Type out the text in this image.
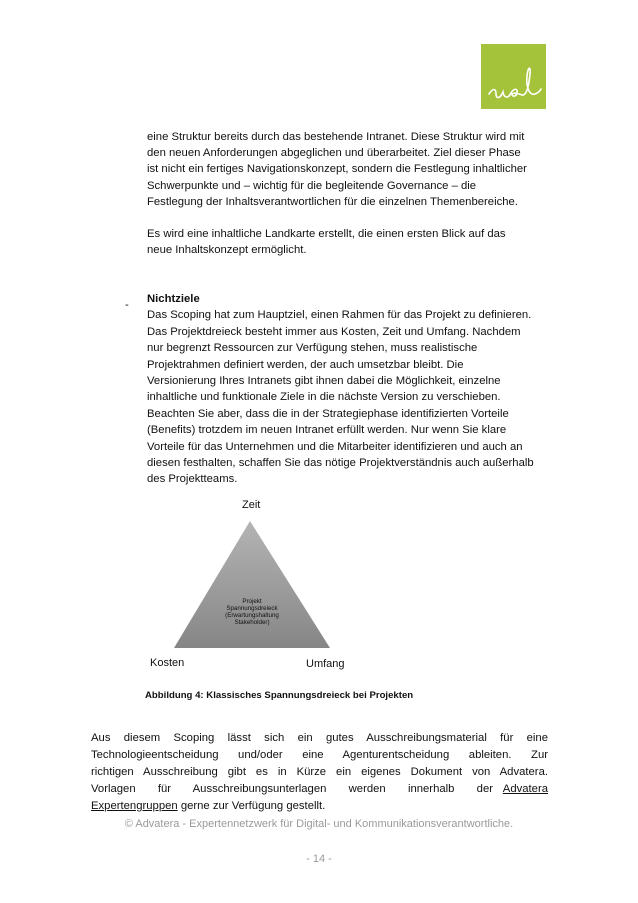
eine Struktur bereits durch das bestehende Intranet. Diese Struktur wird mit
den neuen Anforderungen abgeglichen und überarbeitet. Ziel dieser Phase
ist nicht ein fertiges Navigationskonzept, sondern die Festlegung inhaltlicher
Schwerpunkte und – wichtig für die begleitende Governance – die
Festlegung der Inhaltsverantwortlichen für die einzelnen Themenbereiche.
Es wird eine inhaltliche Landkarte erstellt, die einen ersten Blick auf das
neue Inhaltskonzept ermöglicht.
- Nichtziele
Das Scoping hat zum Hauptziel, einen Rahmen für das Projekt zu definieren.
Das Projektdreieck besteht immer aus Kosten, Zeit und Umfang. Nachdem
nur begrenzt Ressourcen zur Verfügung stehen, muss realistische
Projektrahmen definiert werden, der auch umsetzbar bleibt. Die
Versionierung Ihres Intranets gibt ihnen dabei die Möglichkeit, einzelne
inhaltliche und funktionale Ziele in die nächste Version zu verschieben.
Beachten Sie aber, dass die in der Strategiephase identifizierten Vorteile
(Benefits) trotzdem im neuen Intranet erfüllt werden. Nur wenn Sie klare
Vorteile für das Unternehmen und die Mitarbeiter identifizieren und auch an
diesen festhalten, schaffen Sie das nötige Projektverständnis auch außerhalb
des Projektteams.
Zeit
Projekt
Spannungsdreieck
(Erwartungshaltung
Stakeholder)
Kosten	Umfang
Abbildung 4: Klassisches Spannungsdreieck bei Projekten
Aus diesem Scoping lässt sich ein gutes Ausschreibungsmaterial für eine
Technologieentscheidung und/oder eine Agenturentscheidung ableiten. Zur
richtigen Ausschreibung gibt es in Kürze ein eigenes Dokument von Advatera.
Vorlagen für Ausschreibungsunterlagen werden innerhalb der Advatera
Expertengruppen gerne zur Verfügung gestellt.
© Advatera - Expertennetzwerk für Digital- und Kommunikationsverantwortliche.
- 14 -
